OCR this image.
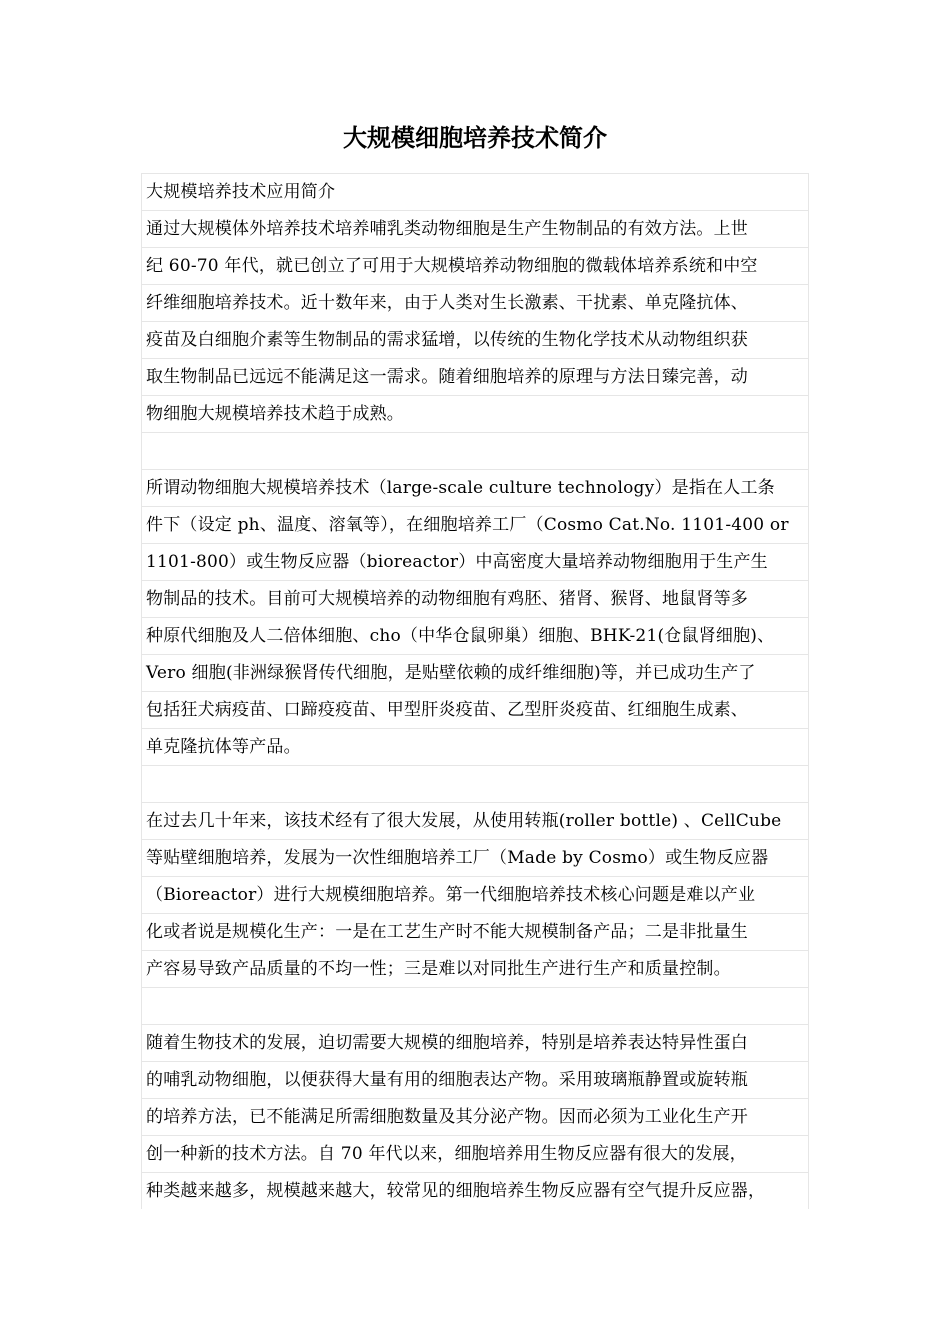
大规模细胞培养技术简介
大规模培养技术应用简介
通过大规模体外培养技术培养哺乳类动物细胞是生产生物制品的有效方法。上世
纪 60-70 年代，就已创立了可用于大规模培养动物细胞的微载体培养系统和中空
纤维细胞培养技术。近十数年来，由于人类对生长激素、干扰素、单克隆抗体、
疫苗及白细胞介素等生物制品的需求猛增，以传统的生物化学技术从动物组织获
取生物制品已远远不能满足这一需求。随着细胞培养的原理与方法日臻完善，动
物细胞大规模培养技术趋于成熟。
所谓动物细胞大规模培养技术（large-scale culture technology）是指在人工条
件下（设定 ph、温度、溶氧等），在细胞培养工厂（Cosmo Cat.No. 1101-400 or
1101-800）或生物反应器（bioreactor）中高密度大量培养动物细胞用于生产生
物制品的技术。目前可大规模培养的动物细胞有鸡胚、猪肾、猴肾、地鼠肾等多
种原代细胞及人二倍体细胞、cho（中华仓鼠卵巢）细胞、BHK-21(仓鼠肾细胞)、
Vero 细胞(非洲绿猴肾传代细胞，是贴壁依赖的成纤维细胞)等，并已成功生产了
包括狂犬病疫苗、口蹄疫疫苗、甲型肝炎疫苗、乙型肝炎疫苗、红细胞生成素、
单克隆抗体等产品。
在过去几十年来，该技术经有了很大发展，从使用转瓶(roller bottle) 、CellCube
等贴壁细胞培养，发展为一次性细胞培养工厂（Made by Cosmo）或生物反应器
（Bioreactor）进行大规模细胞培养。第一代细胞培养技术核心问题是难以产业
化或者说是规模化生产：一是在工艺生产时不能大规模制备产品；二是非批量生
产容易导致产品质量的不均一性；三是难以对同批生产进行生产和质量控制。
随着生物技术的发展，迫切需要大规模的细胞培养，特别是培养表达特异性蛋白
的哺乳动物细胞，以便获得大量有用的细胞表达产物。采用玻璃瓶静置或旋转瓶
的培养方法，已不能满足所需细胞数量及其分泌产物。因而必须为工业化生产开
创一种新的技术方法。自 70 年代以来，细胞培养用生物反应器有很大的发展，
种类越来越多，规模越来越大，较常见的细胞培养生物反应器有空气提升反应器，
